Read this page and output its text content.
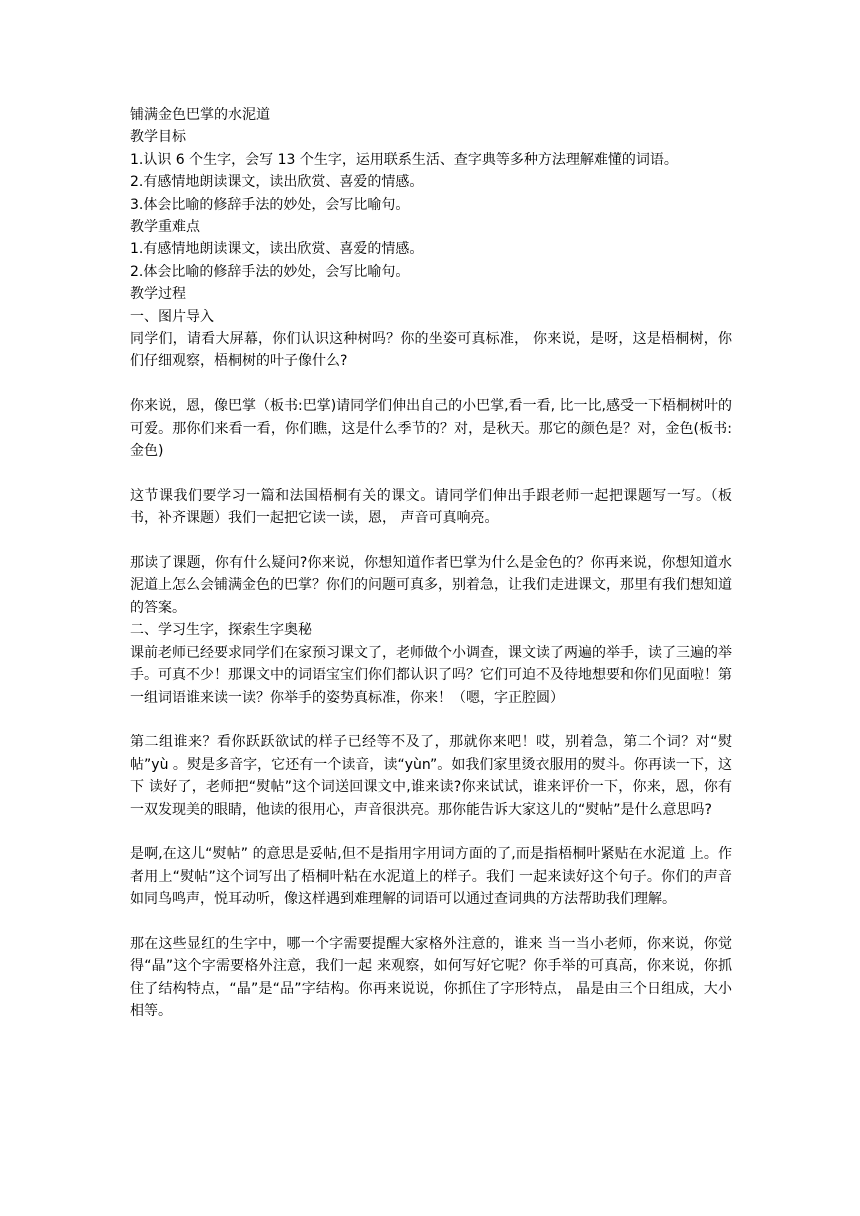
铺满金色巴掌的水泥道

教学目标

1.认识 6 个生字，会写 13 个生字，运用联系生活、查字典等多种方法理解难懂的词语。

2.有感情地朗读课文，读出欣赏、喜爱的情感。

3.体会比喻的修辞手法的妙处，会写比喻句。

教学重难点

1.有感情地朗读课文，读出欣赏、喜爱的情感。

2.体会比喻的修辞手法的妙处，会写比喻句。

教学过程

一、图片导入

同学们，请看大屏幕，你们认识这种树吗？你的坐姿可真标准， 你来说，是呀，这是梧桐树，你们仔细观察，梧桐树的叶子像什么?

你来说，恩，像巴掌（板书:巴掌)请同学们伸出自己的小巴掌,看一看, 比一比,感受一下梧桐树叶的可爱。那你们来看一看，你们瞧，这是什么季节的？对，是秋天。那它的颜色是？对，金色(板书:金色)

这节课我们要学习一篇和法国梧桐有关的课文。请同学们伸出手跟老师一起把课题写一写。（板书，补齐课题）我们一起把它读一读，恩， 声音可真响亮。

那读了课题，你有什么疑问?你来说，你想知道作者巴掌为什么是金色的？你再来说，你想知道水泥道上怎么会铺满金色的巴掌？你们的问题可真多，别着急，让我们走进课文，那里有我们想知道的答案。

二、学习生字，探索生字奥秘

课前老师已经要求同学们在家预习课文了，老师做个小调查，课文读了两遍的举手，读了三遍的举手。可真不少！那课文中的词语宝宝们你们都认识了吗？它们可迫不及待地想要和你们见面啦！第一组词语谁来读一读？你举手的姿势真标准，你来！（嗯，字正腔圆）

第二组谁来？看你跃跃欲试的样子已经等不及了，那就你来吧！哎，别着急，第二个词？对“熨帖”yù 。熨是多音字，它还有一个读音，读“yùn”。如我们家里烫衣服用的熨斗。你再读一下，这下 读好了，老师把“熨帖”这个词送回课文中,谁来读?你来试试，谁来评价一下，你来，恩，你有一双发现美的眼睛，他读的很用心，声音很洪亮。那你能告诉大家这儿的“熨帖”是什么意思吗?

是啊,在这儿“熨帖” 的意思是妥帖,但不是指用字用词方面的了,而是指梧桐叶紧贴在水泥道 上。作者用上“熨帖”这个词写出了梧桐叶粘在水泥道上的样子。我们 一起来读好这个句子。你们的声音如同鸟鸣声，悦耳动听，像这样遇到难理解的词语可以通过查词典的方法帮助我们理解。

那在这些显红的生字中，哪一个字需要提醒大家格外注意的，谁来 当一当小老师，你来说，你觉得“晶”这个字需要格外注意，我们一起 来观察，如何写好它呢？你手举的可真高，你来说，你抓住了结构特点，“晶”是“品”字结构。你再来说说，你抓住了字形特点， 晶是由三个日组成，大小相等。
